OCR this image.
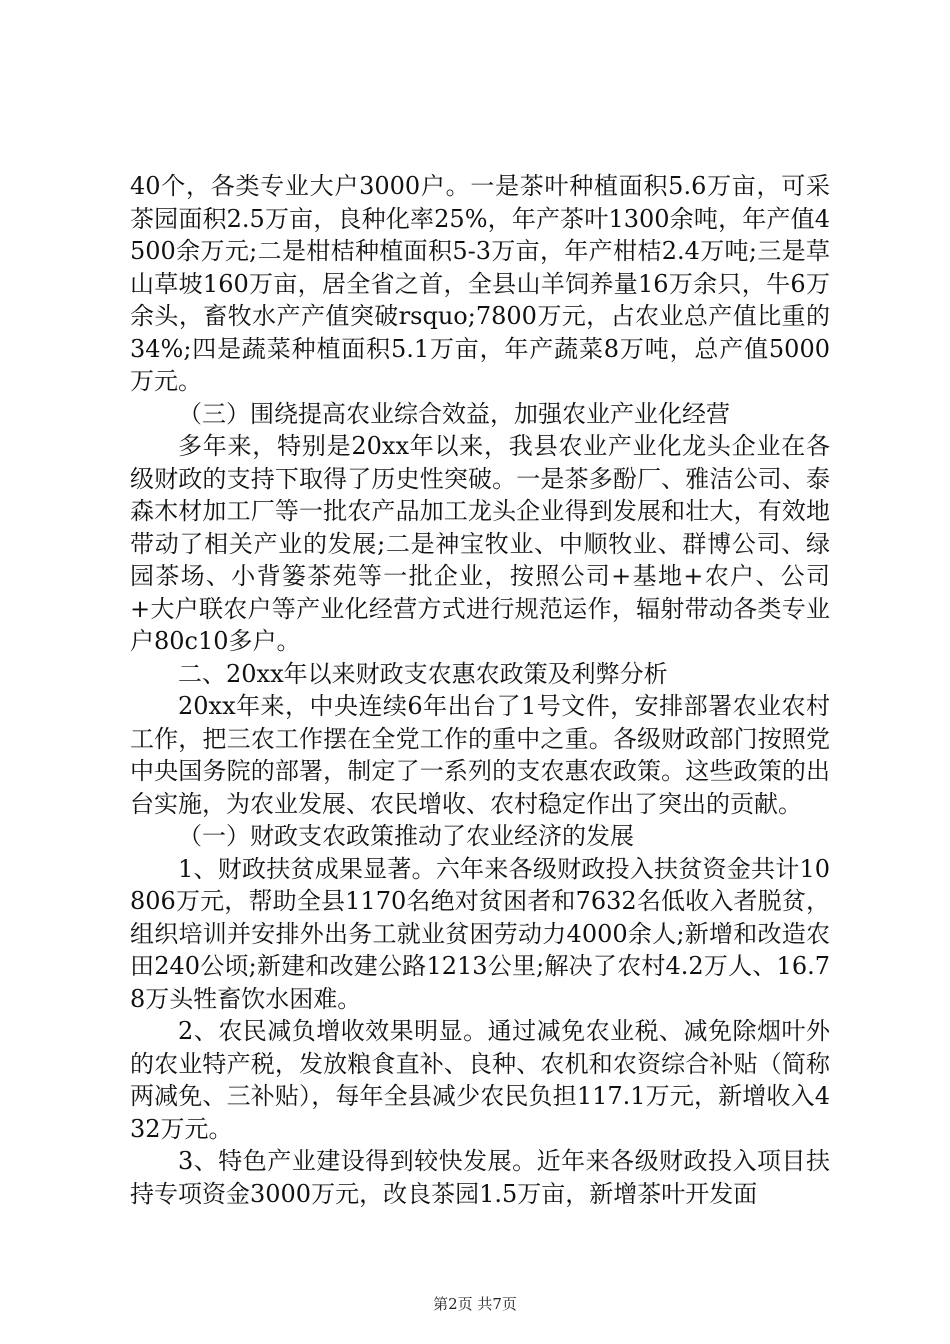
40个，各类专业大户3000户。一是茶叶种植面积5.6万亩，可采茶园面积2.5万亩，良种化率25%，年产茶叶1300余吨，年产值4500余万元;二是柑桔种植面积5-3万亩，年产柑桔2.4万吨;三是草山草坡160万亩，居全省之首，全县山羊饲养量16万余只，牛6万余头，畜牧水产产值突破rsquo;7800万元，占农业总产值比重的34%;四是蔬菜种植面积5.1万亩，年产蔬菜8万吨，总产值5000万元。

（三）围绕提高农业综合效益，加强农业产业化经营

多年来，特别是20xx年以来，我县农业产业化龙头企业在各级财政的支持下取得了历史性突破。一是茶多酚厂、雅洁公司、泰森木材加工厂等一批农产品加工龙头企业得到发展和壮大，有效地带动了相关产业的发展;二是神宝牧业、中顺牧业、群博公司、绿园茶场、小背篓茶苑等一批企业，按照公司+基地+农户、公司+大户联农户等产业化经营方式进行规范运作，辐射带动各类专业户80c10多户。

二、20xx年以来财政支农惠农政策及利弊分析

20xx年来，中央连续6年出台了1号文件，安排部署农业农村工作，把三农工作摆在全党工作的重中之重。各级财政部门按照党中央国务院的部署，制定了一系列的支农惠农政策。这些政策的出台实施，为农业发展、农民增收、农村稳定作出了突出的贡献。

（一）财政支农政策推动了农业经济的发展

1、财政扶贫成果显著。六年来各级财政投入扶贫资金共计10806万元，帮助全县1170名绝对贫困者和7632名低收入者脱贫，组织培训并安排外出务工就业贫困劳动力4000余人;新增和改造农田240公顷;新建和改建公路1213公里;解决了农村4.2万人、16.78万头牲畜饮水困难。

2、农民减负增收效果明显。通过减免农业税、减免除烟叶外的农业特产税，发放粮食直补、良种、农机和农资综合补贴（简称两减免、三补贴），每年全县减少农民负担117.1万元，新增收入432万元。

3、特色产业建设得到较快发展。近年来各级财政投入项目扶持专项资金3000万元，改良茶园1.5万亩，新增茶叶开发面

第2页 共7页
